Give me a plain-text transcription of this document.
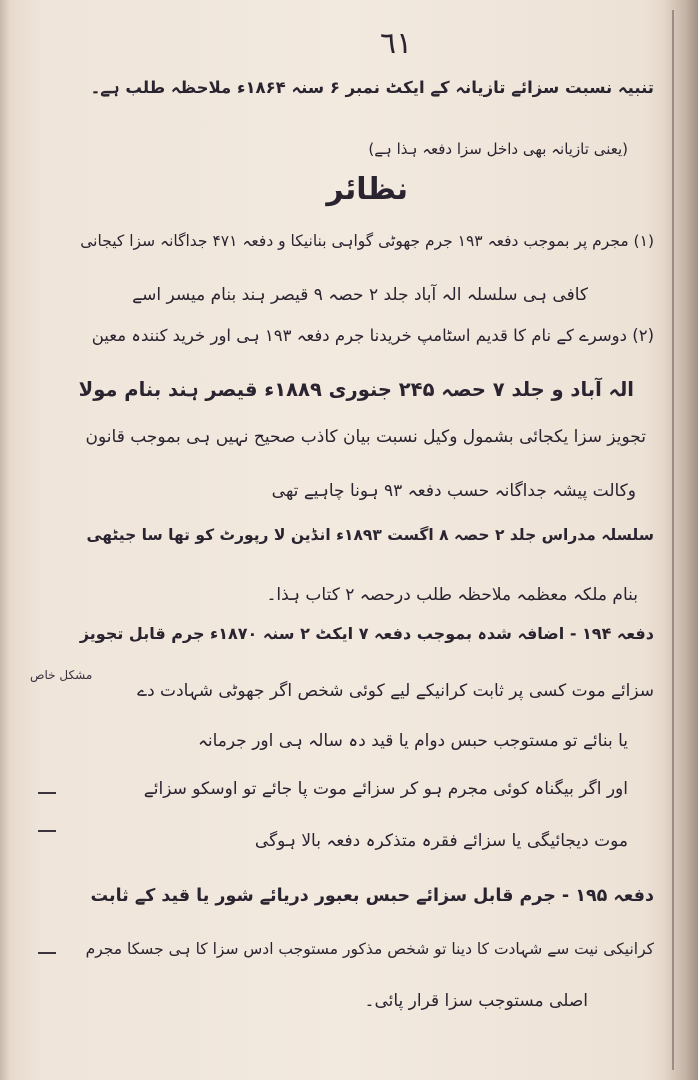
٦١
تنبیہ نسبت سزائے تازیانہ کے ایکٹ نمبر ۶ سنہ ۱۸۶۴ء ملاحظہ طلب ہے۔
(یعنی تازیانہ بھی داخل سزا دفعہ ہذا ہے)
نظائر
(۱) مجرم پر بموجب دفعہ ۱۹۳ جرم جھوٹی گواہی بنانیکا و دفعہ ۴۷۱ جداگانہ سزا کیجانی
کافی ہی سلسلہ الہ آباد جلد ۲ حصہ ۹ قیصر ہند بنام میسر اسے
(۲) دوسرے کے نام کا قدیم اسٹامپ خریدنا جرم دفعہ ۱۹۳ ہی اور خرید کنندہ معین
الہ آباد و جلد ۷ حصہ ۲۴۵ جنوری ۱۸۸۹ء قیصر ہند بنام مولا
تجویز سزا یکجائی بشمول وکیل نسبت بیان کاذب صحیح نہیں ہی بموجب قانون
وکالت پیشہ جداگانہ حسب دفعہ ۹۳ ہونا چاہیے تھی
سلسلہ مدراس جلد ۲ حصہ ۸ اگست ۱۸۹۳ء انڈین لا رپورٹ کو تھا سا جیٹھی
بنام ملکہ معظمہ ملاحظہ طلب درحصہ ۲ کتاب ہذا۔
مشکل خاص
دفعہ ۱۹۴ - اضافہ شدہ بموجب دفعہ ۷ ایکٹ ۲ سنہ ۱۸۷۰ء جرم قابل تجویز
سزائے موت کسی پر ثابت کرانیکے لیے کوئی شخص اگر جھوٹی شہادت دے
یا بنائے تو مستوجب حبس دوام یا قید دہ سالہ ہی اور جرمانہ
اور اگر بیگناہ کوئی مجرم ہو کر سزائے موت پا جائے تو اوسکو سزائے
موت دیجائیگی یا سزائے فقرہ متذکرہ دفعہ بالا ہوگی
دفعہ ۱۹۵ - جرم قابل سزائے حبس بعبور دریائے شور یا قید کے ثابت
کرانیکی نیت سے شہادت کا دینا تو شخص مذکور مستوجب ادس سزا کا ہی جسکا مجرم
اصلی مستوجب سزا قرار پائی۔
